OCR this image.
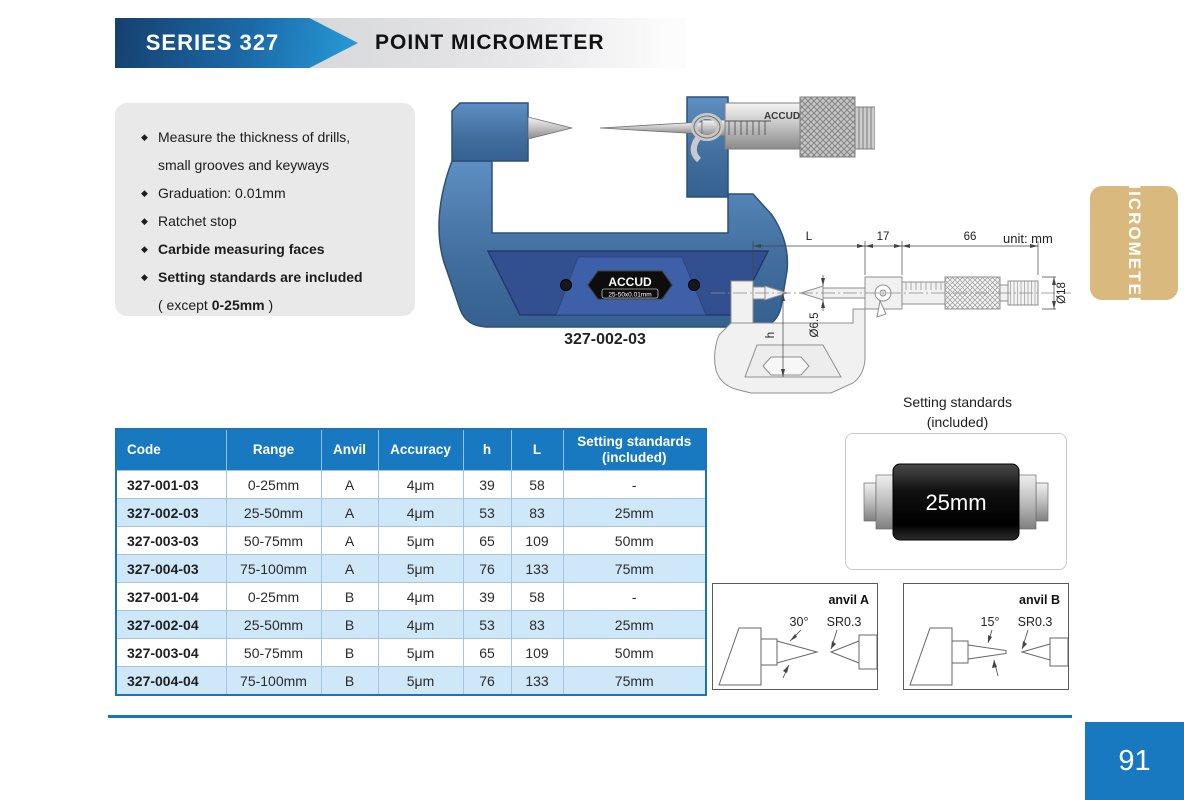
POINT MICROMETER
SERIES 327
◆ Measure the thickness of drills, small grooves and keyways
◆ Graduation: 0.01mm
◆ Ratchet stop
◆ Carbide measuring faces
◆ Setting standards are included
( except 0-25mm )
ACCUD
25-50x0.01mm
ACCUD
327-002-03
L	17	66
Ø18
Ø6.5
h
unit: mm
Setting standards
(included)
25mm
Code	Range	Anvil	Accuracy	h	L	Setting standards
(included)
327-001-03	0-25mm	A	4μm	39	58	-
327-002-03	25-50mm	A	4μm	53	83	25mm
327-003-03	50-75mm	A	5μm	65	109	50mm
327-004-03	75-100mm	A	5μm	76	133	75mm
327-001-04	0-25mm	B	4μm	39	58	-
327-002-04	25-50mm	B	4μm	53	83	25mm
327-003-04	50-75mm	B	5μm	65	109	50mm
327-004-04	75-100mm	B	5μm	76	133	75mm
30° SR0.3
anvil A
15° SR0.3
anvil B
MICROMETER
91
